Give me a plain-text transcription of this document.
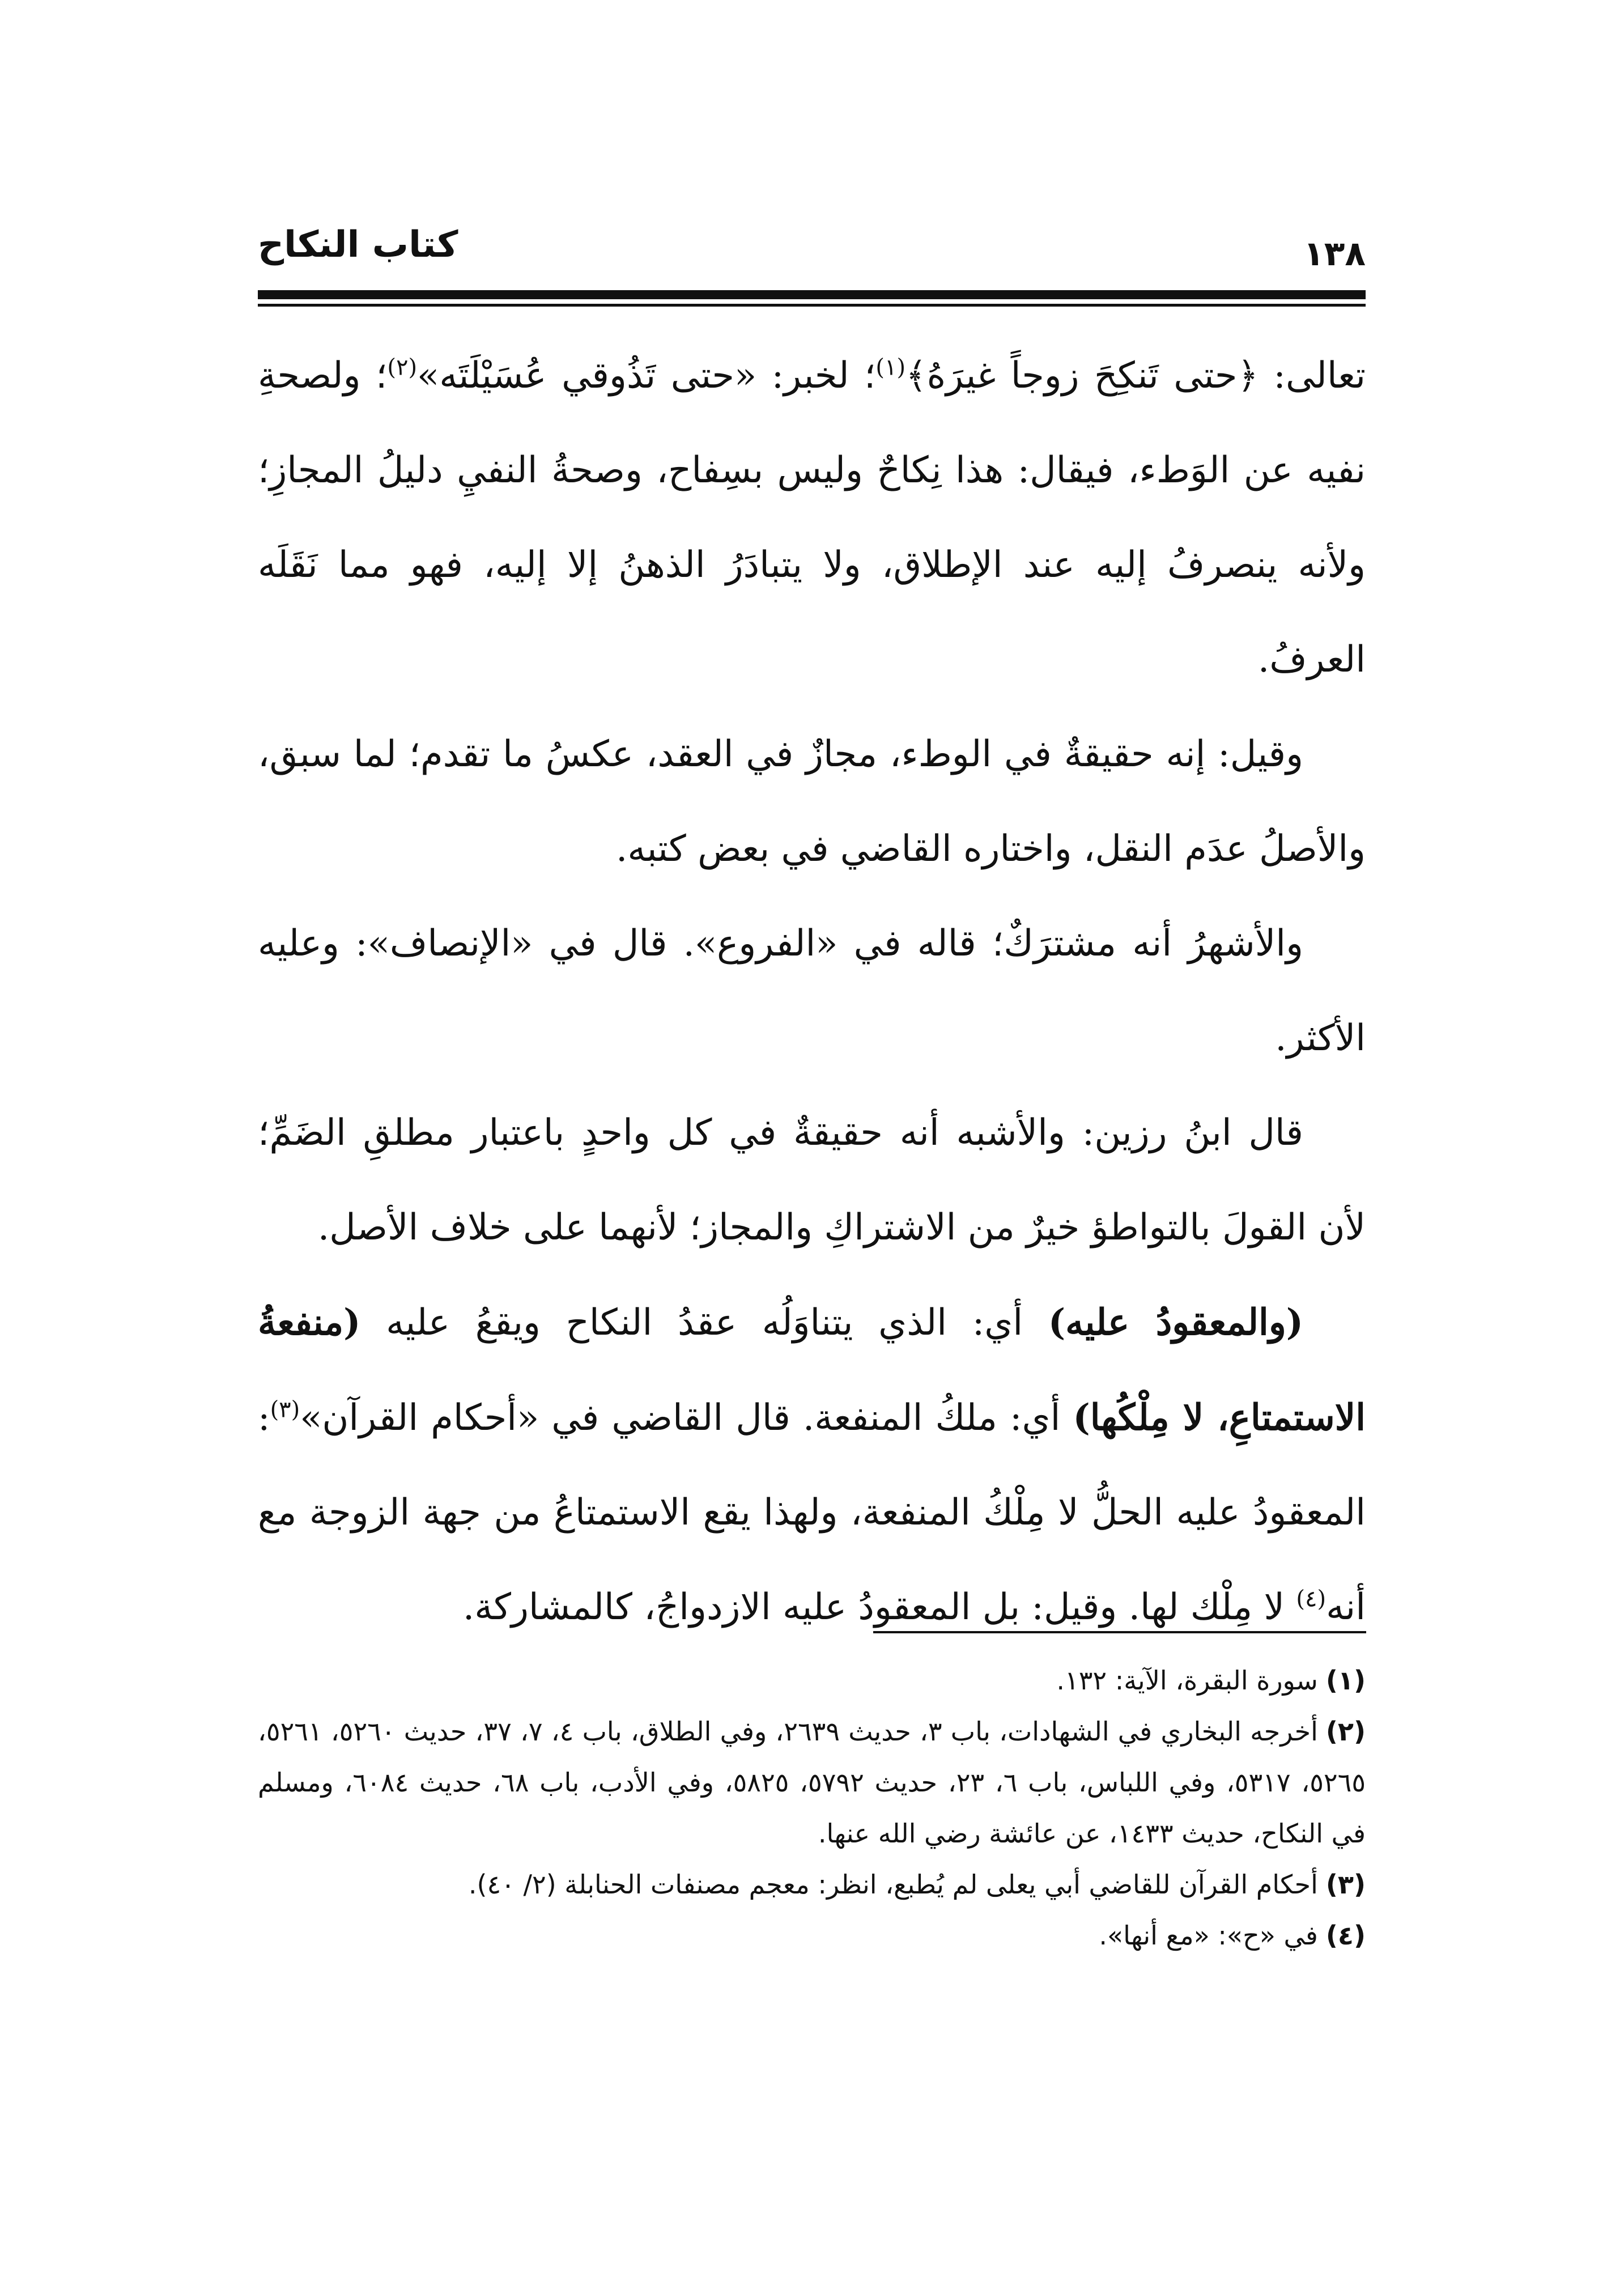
١٣٨
كتاب النكاح

تعالى: ﴿حتى تَنكِحَ زوجاً غيرَهُ﴾$^{(١)}$؛ لخبر: «حتى تَذُوقي عُسَيْلَتَه»$^{(٢)}$؛ ولصحةِ نفيه عن الوَطء، فيقال: هذا نِكاحٌ وليس بسِفاح، وصحةُ النفيِ دليلُ المجازِ؛ ولأنه ينصرفُ إليه عند الإطلاق، ولا يتبادَرُ الذهنُ إلا إليه، فهو مما نَقَلَه العرفُ.

وقيل: إنه حقيقةٌ في الوطء، مجازٌ في العقد، عكسُ ما تقدم؛ لما سبق، والأصلُ عدَم النقل، واختاره القاضي في بعض كتبه.

والأشهرُ أنه مشترَكٌ؛ قاله في «الفروع». قال في «الإنصاف»: وعليه الأكثر.

قال ابنُ رزين: والأشبه أنه حقيقةٌ في كل واحدٍ باعتبار مطلقِ الضَمِّ؛ لأن القولَ بالتواطؤ خيرٌ من الاشتراكِ والمجاز؛ لأنهما على خلاف الأصل.

(والمعقودُ عليه) أي: الذي يتناوَلُه عقدُ النكاح ويقعُ عليه (منفعةُ الاستمتاعِ، لا مِلْكُها) أي: ملكُ المنفعة. قال القاضي في «أحكام القرآن»$^{(٣)}$: المعقودُ عليه الحلُّ لا مِلْكُ المنفعة، ولهذا يقع الاستمتاعُ من جهة الزوجة مع أنه$^{(٤)}$ لا مِلْك لها. وقيل: بل المعقودُ عليه الازدواجُ، كالمشاركة.

(١)سورة البقرة، الآية: ١٣٢.

(٢)أخرجه البخاري في الشهادات، باب ٣، حديث ٢٦٣٩، وفي الطلاق، باب ٤، ٧، ٣٧، حديث ٥٢٦٠، ٥٢٦١، ٥٢٦٥، ٥٣١٧، وفي اللباس، باب ٦، ٢٣، حديث ٥٧٩٢، ٥٨٢٥، وفي الأدب، باب ٦٨، حديث ٦٠٨٤، ومسلم في النكاح، حديث ١٤٣٣، عن عائشة رضي الله عنها.

(٣)أحكام القرآن للقاضي أبي يعلى لم يُطبع، انظر: معجم مصنفات الحنابلة (٢/ ٤٠).

(٤)في «ح»: «مع أنها».
